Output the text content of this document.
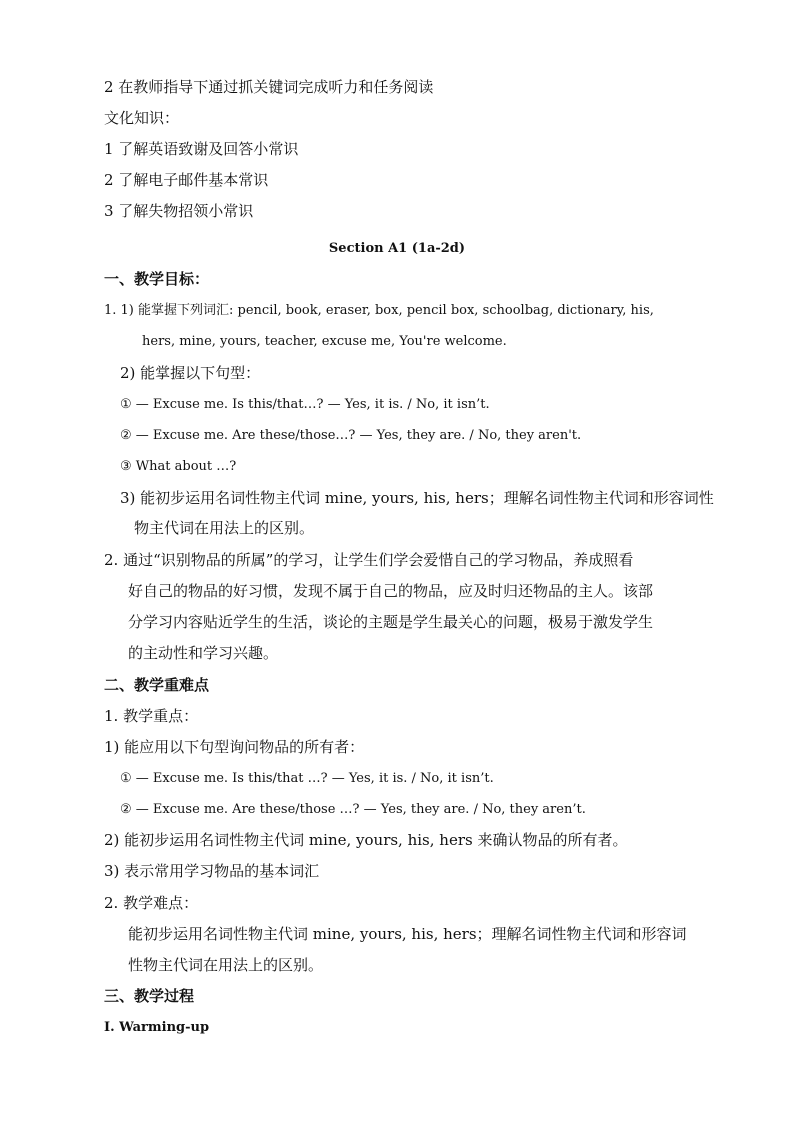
2 在教师指导下通过抓关键词完成听力和任务阅读
文化知识：
1 了解英语致谢及回答小常识
2 了解电子邮件基本常识
3 了解失物招领小常识
Section A1 (1a-2d)
一、教学目标：
1. 1) 能掌握下列词汇: pencil, book, eraser, box, pencil box, schoolbag, dictionary, his,
hers, mine, yours, teacher, excuse me, You're welcome.
2) 能掌握以下句型：
① — Excuse me. Is this/that…? — Yes, it is. / No, it isn’t.
② — Excuse me. Are these/those…? — Yes, they are. / No, they aren't.
③ What about …?
3) 能初步运用名词性物主代词 mine, yours, his, hers；理解名词性物主代词和形容词性
物主代词在用法上的区别。
2. 通过“识别物品的所属”的学习，让学生们学会爱惜自己的学习物品，养成照看
好自己的物品的好习惯，发现不属于自己的物品，应及时归还物品的主人。该部
分学习内容贴近学生的生活，谈论的主题是学生最关心的问题，极易于激发学生
的主动性和学习兴趣。
二、教学重难点
1. 教学重点：
1) 能应用以下句型询问物品的所有者：
① — Excuse me. Is this/that …? — Yes, it is. / No, it isn’t.
② — Excuse me. Are these/those …? — Yes, they are. / No, they aren’t.
2) 能初步运用名词性物主代词 mine, yours, his, hers 来确认物品的所有者。
3) 表示常用学习物品的基本词汇
2. 教学难点：
能初步运用名词性物主代词 mine, yours, his, hers；理解名词性物主代词和形容词
性物主代词在用法上的区别。
三、教学过程
Ⅰ. Warming-up
